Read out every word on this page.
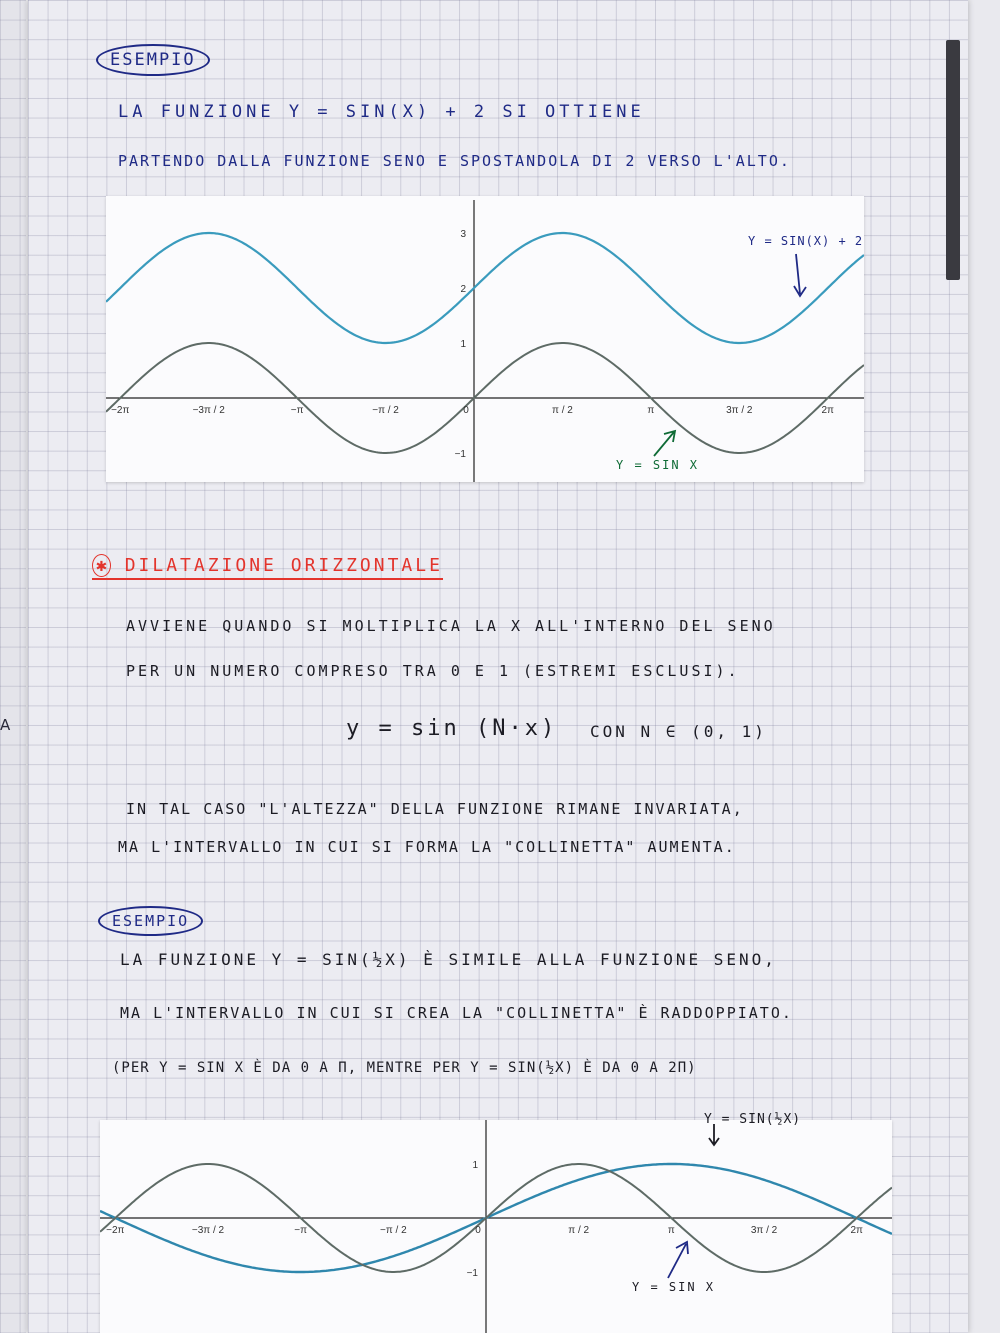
A
ESEMPIO
LA FUNZIONE Y = SIN(X) + 2 SI OTTIENE
PARTENDO DALLA FUNZIONE SENO E SPOSTANDOLA DI 2 VERSO L'ALTO.
−2π	−3π / 2	−π	−π / 2	0	π / 2	π	3π / 2	2π
3
2
1
−1
Y = SIN(X) + 2
Y = SIN X
✱ DILATAZIONE ORIZZONTALE
AVVIENE QUANDO SI MOLTIPLICA LA X ALL'INTERNO DEL SENO
PER UN NUMERO COMPRESO TRA 0 E 1 (ESTREMI ESCLUSI).
y = sin (N·x) CON N ∈ (0, 1)
IN TAL CASO "L'ALTEZZA" DELLA FUNZIONE RIMANE INVARIATA,
MA L'INTERVALLO IN CUI SI FORMA LA "COLLINETTA" AUMENTA.
ESEMPIO
LA FUNZIONE Y = SIN(½X) È SIMILE ALLA FUNZIONE SENO,
MA L'INTERVALLO IN CUI SI CREA LA "COLLINETTA" È RADDOPPIATO.
(PER Y = SIN X È DA 0 A Π, MENTRE PER Y = SIN(½X) È DA 0 A 2Π)
−2π	−3π / 2	−π	−π / 2	0	π / 2	π	3π / 2	2π
1
−1
Y = SIN(½X)
Y = SIN X
